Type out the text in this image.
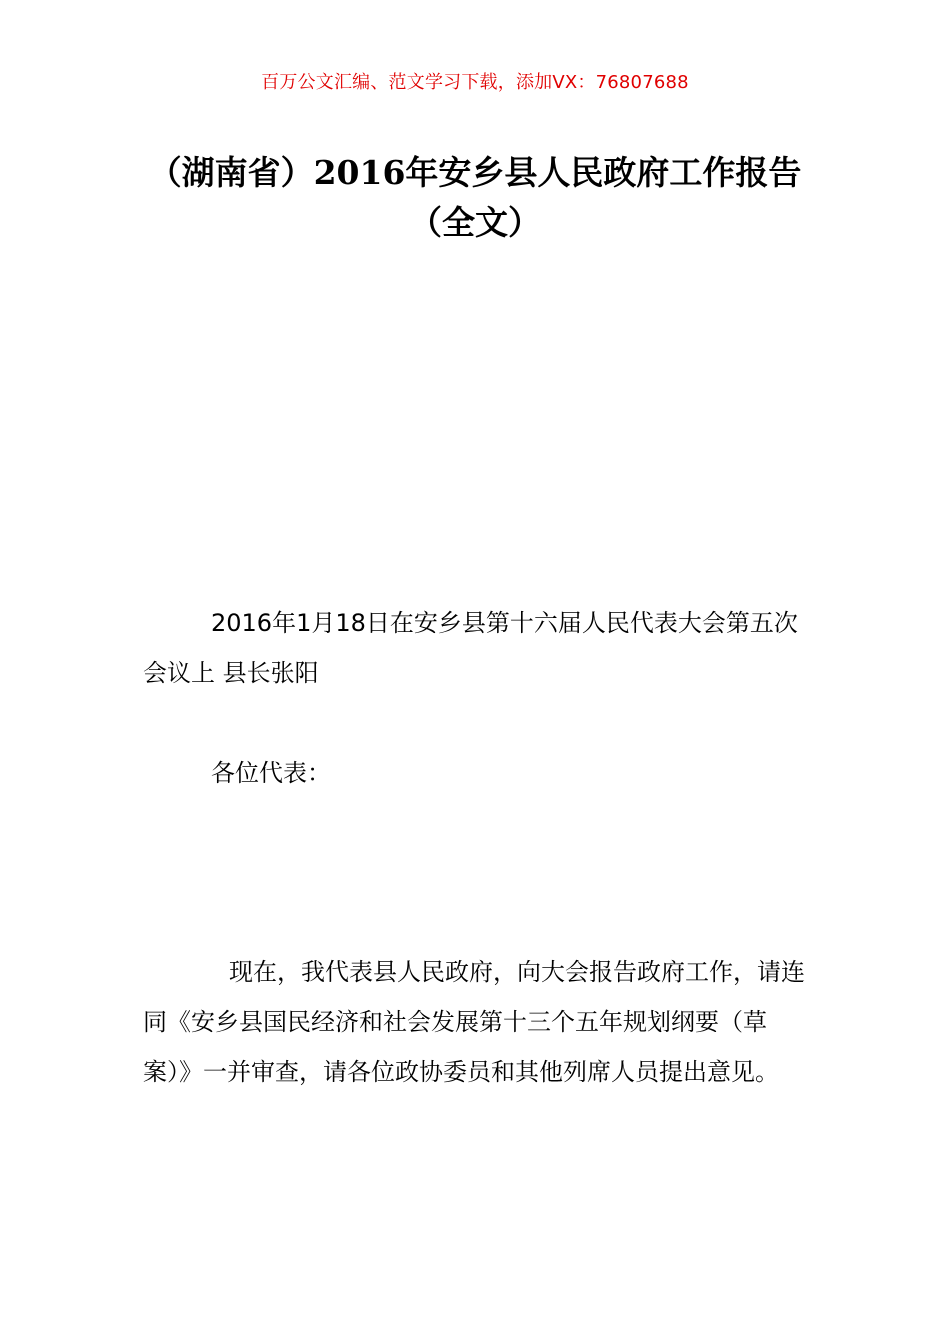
百万公文汇编、范文学习下载，添加VX：76807688
（湖南省）2016年安乡县人民政府工作报告（全文）

2016年1月18日在安乡县第十六届人民代表大会第五次会议上 县长张阳

各位代表：

现在，我代表县人民政府，向大会报告政府工作，请连同《安乡县国民经济和社会发展第十三个五年规划纲要（草案）》一并审查，请各位政协委员和其他列席人员提出意见。
